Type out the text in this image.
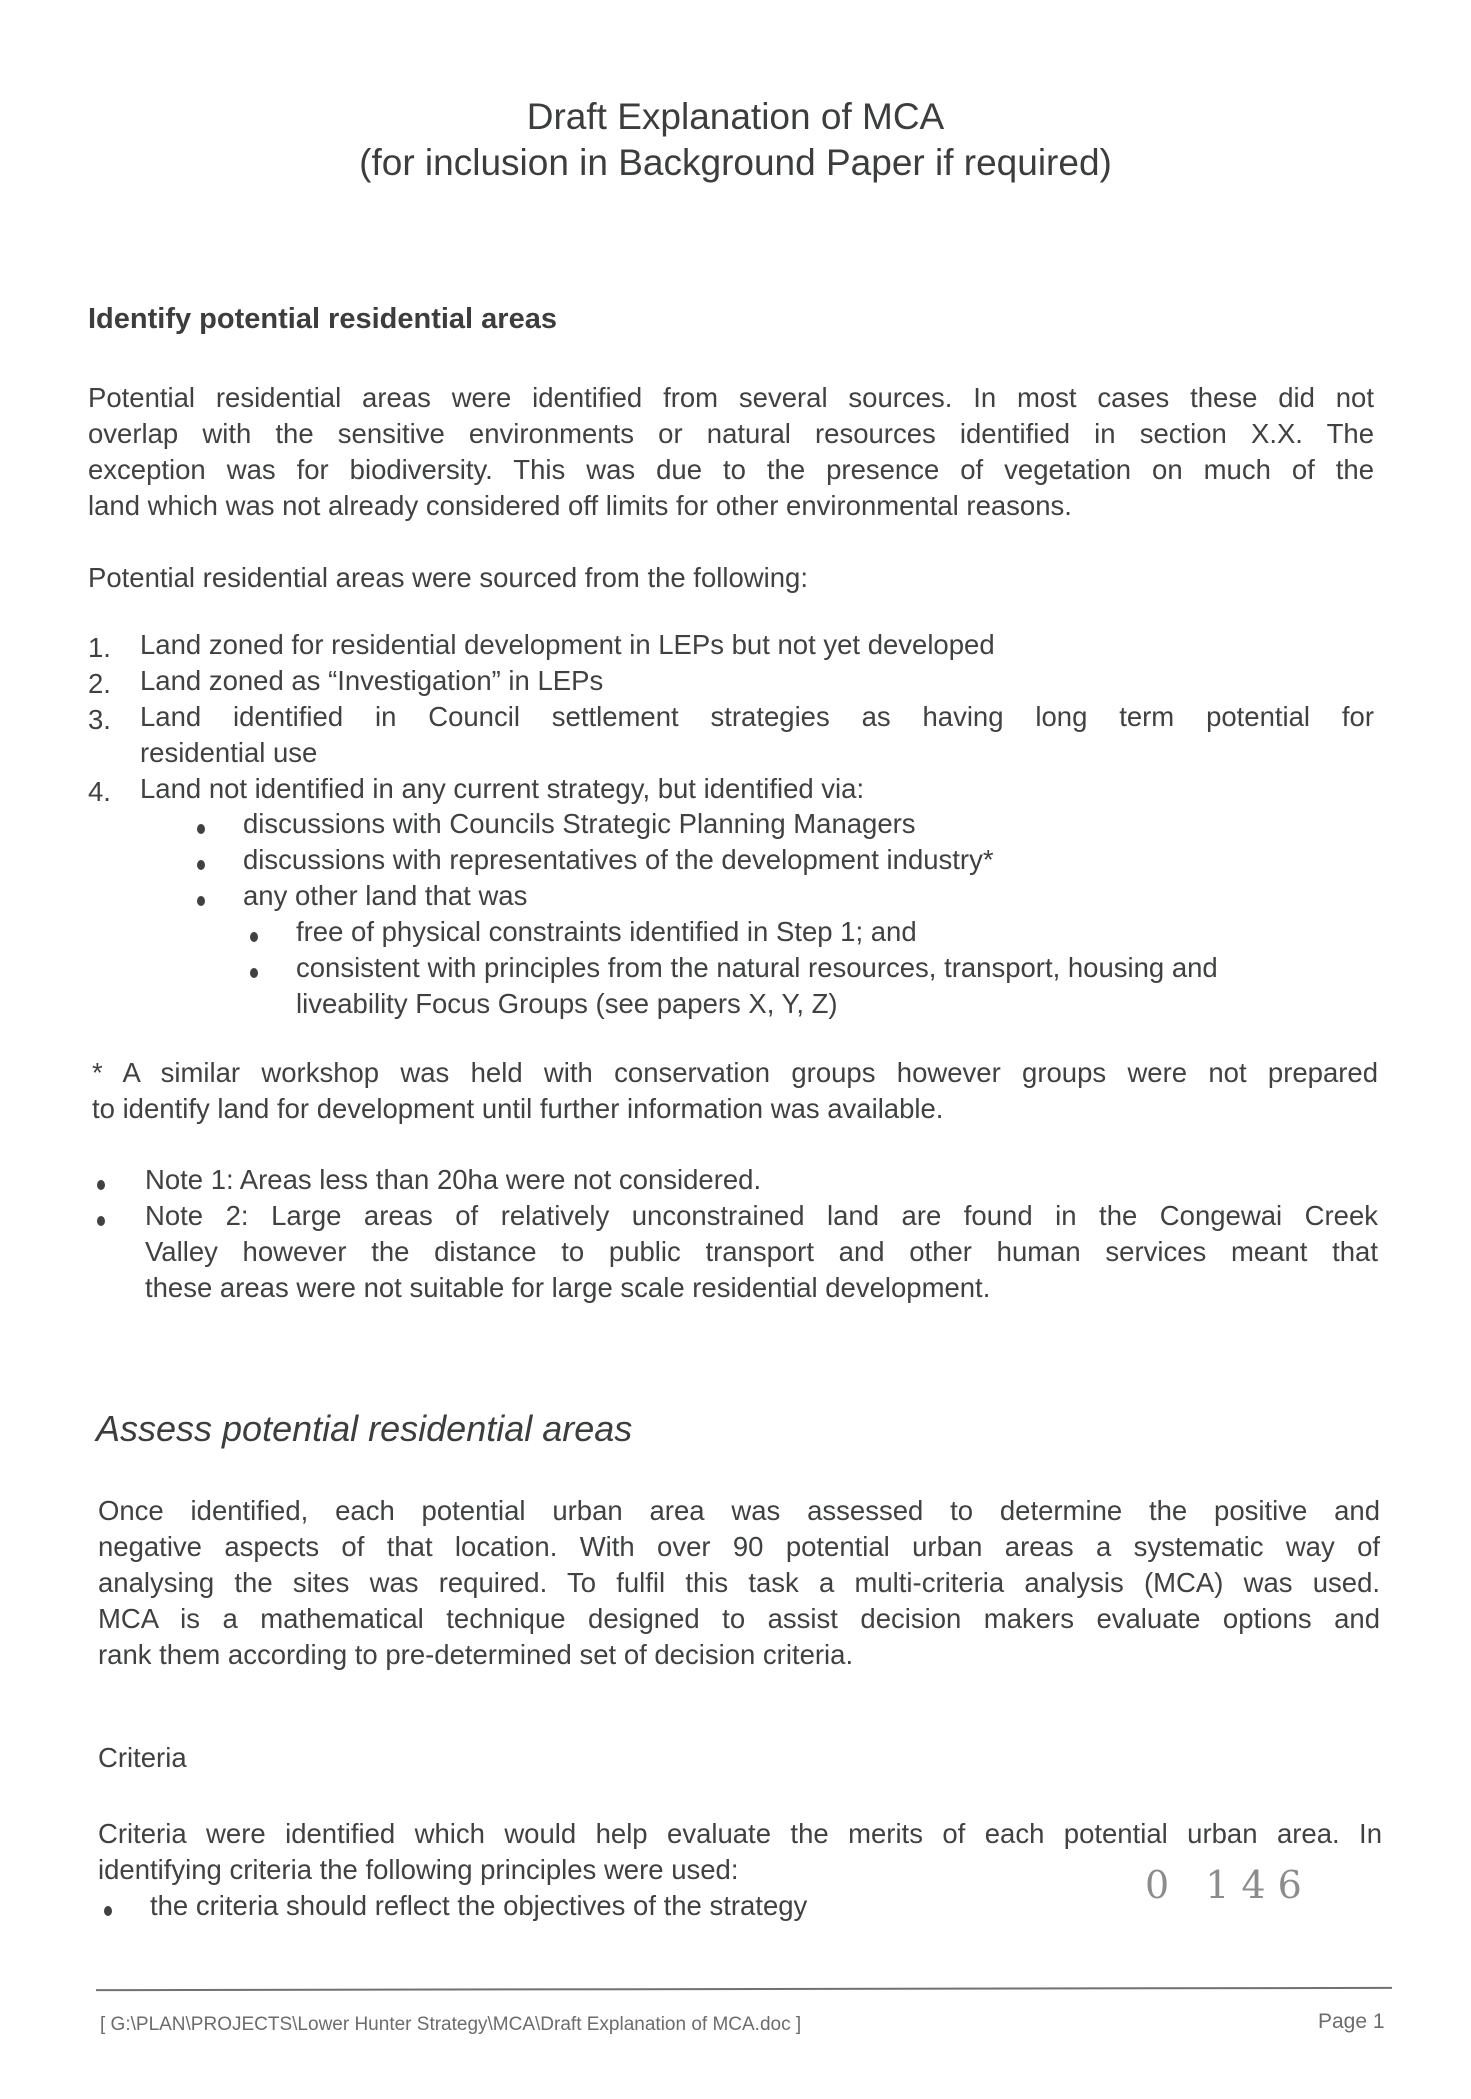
Draft Explanation of MCA
(for inclusion in Background Paper if required)
Identify potential residential areas
Potential residential areas were identified from several sources. In most cases these did not
overlap with the sensitive environments or natural resources identified in section X.X. The
exception was for biodiversity. This was due to the presence of vegetation on much of the
land which was not already considered off limits for other environmental reasons.
Potential residential areas were sourced from the following:
1. Land zoned for residential development in LEPs but not yet developed
2. Land zoned as “Investigation” in LEPs
3. Land identified in Council settlement strategies as having long term potential for
residential use
4. Land not identified in any current strategy, but identified via:
discussions with Councils Strategic Planning Managers
discussions with representatives of the development industry*
any other land that was
free of physical constraints identified in Step 1; and
consistent with principles from the natural resources, transport, housing and
liveability Focus Groups (see papers X, Y, Z)
* A similar workshop was held with conservation groups however groups were not prepared
to identify land for development until further information was available.
Note 1: Areas less than 20ha were not considered.
Note 2: Large areas of relatively unconstrained land are found in the Congewai Creek
Valley however the distance to public transport and other human services meant that
these areas were not suitable for large scale residential development.
Assess potential residential areas
Once identified, each potential urban area was assessed to determine the positive and
negative aspects of that location. With over 90 potential urban areas a systematic way of
analysing the sites was required. To fulfil this task a multi-criteria analysis (MCA) was used.
MCA is a mathematical technique designed to assist decision makers evaluate options and
rank them according to pre-determined set of decision criteria.
Criteria
Criteria were identified which would help evaluate the merits of each potential urban area. In
identifying criteria the following principles were used:
the criteria should reflect the objectives of the strategy	0 146
[ G:\PLAN\PROJECTS\Lower Hunter Strategy\MCA\Draft Explanation of MCA.doc ]	Page 1
